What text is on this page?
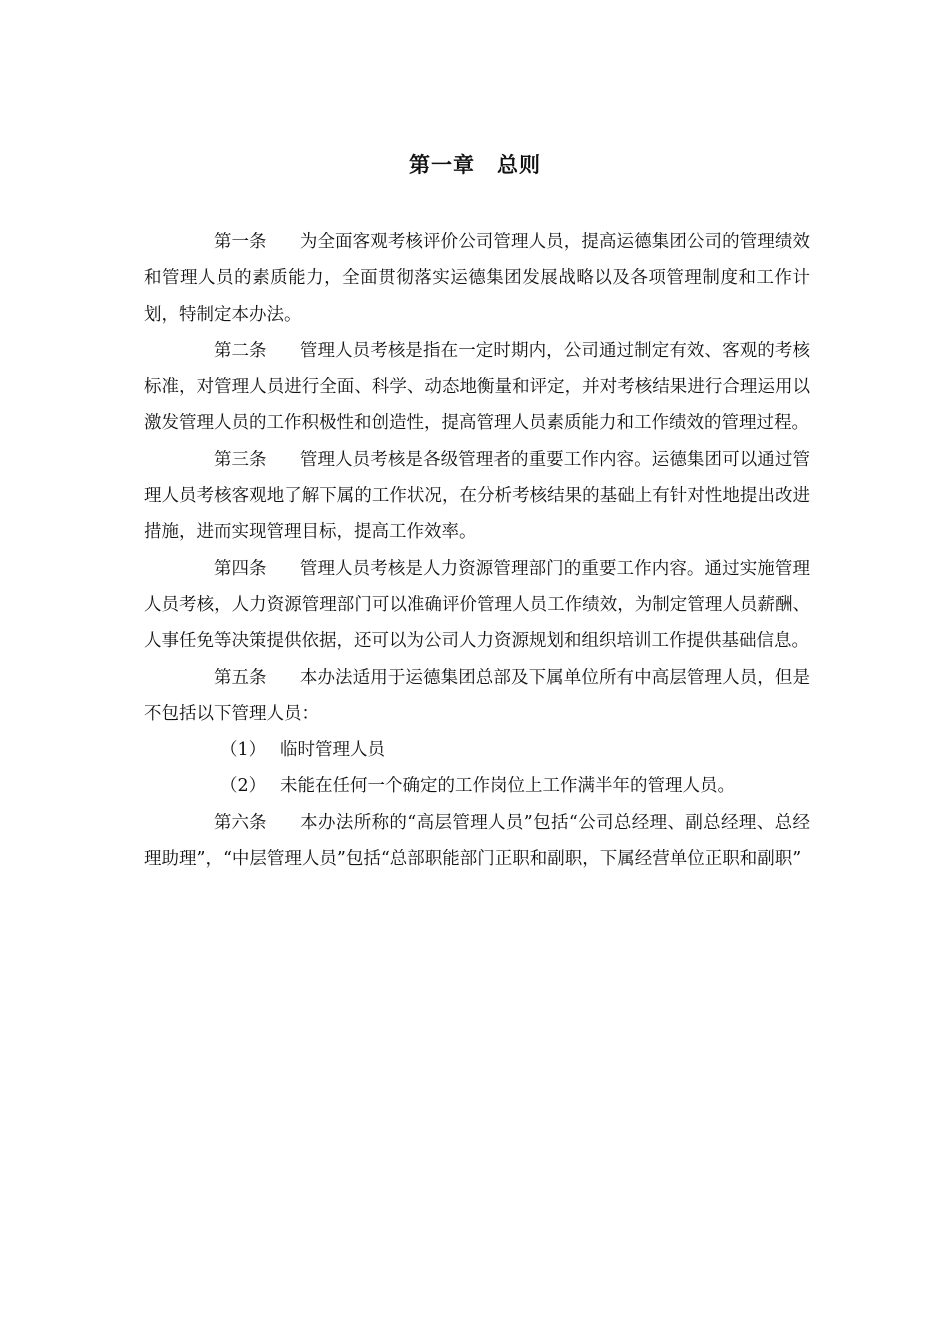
第一章　总则

第一条 为全面客观考核评价公司管理人员，提高运德集团公司的管理绩效和管理人员的素质能力，全面贯彻落实运德集团发展战略以及各项管理制度和工作计划，特制定本办法。

第二条 管理人员考核是指在一定时期内，公司通过制定有效、客观的考核标准，对管理人员进行全面、科学、动态地衡量和评定，并对考核结果进行合理运用以激发管理人员的工作积极性和创造性，提高管理人员素质能力和工作绩效的管理过程。

第三条 管理人员考核是各级管理者的重要工作内容。运德集团可以通过管理人员考核客观地了解下属的工作状况，在分析考核结果的基础上有针对性地提出改进措施，进而实现管理目标，提高工作效率。

第四条 管理人员考核是人力资源管理部门的重要工作内容。通过实施管理人员考核，人力资源管理部门可以准确评价管理人员工作绩效，为制定管理人员薪酬、人事任免等决策提供依据，还可以为公司人力资源规划和组织培训工作提供基础信息。

第五条 本办法适用于运德集团总部及下属单位所有中高层管理人员，但是不包括以下管理人员：

（1） 临时管理人员

（2） 未能在任何一个确定的工作岗位上工作满半年的管理人员。

第六条 本办法所称的“高层管理人员”包括“公司总经理、副总经理、总经理助理”，“中层管理人员”包括“总部职能部门正职和副职，下属经营单位正职和副职”
